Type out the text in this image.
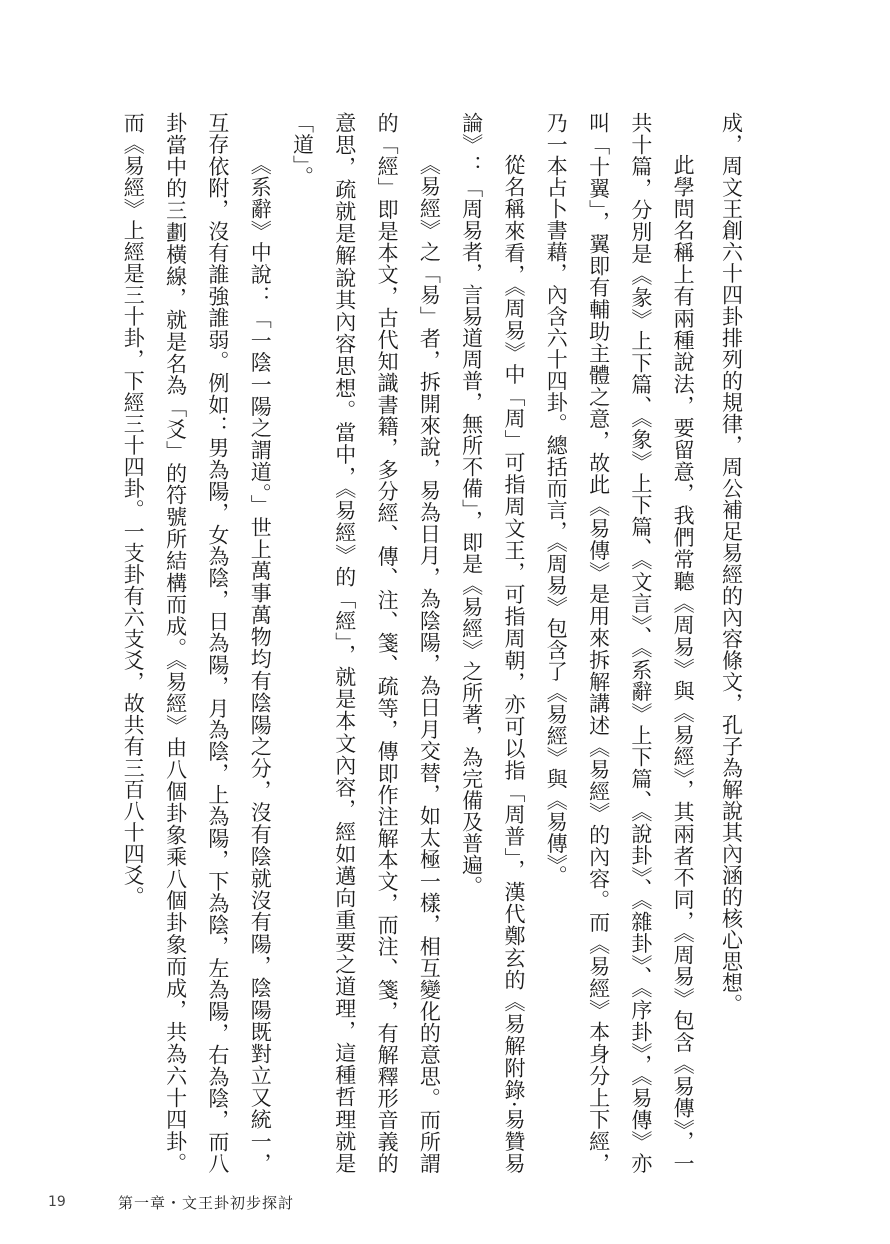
成，周文王創六十四卦排列的規律，周公補足易經的內容條文，孔子為解說其內涵的核心思想。

此學問名稱上有兩種說法，要留意，我們常聽《周易》與《易經》，其兩者不同，《周易》包含《易傳》，一共十篇，分別是《彖》上下篇、《象》上下篇、《文言》、《系辭》上下篇、《說卦》、《雜卦》、《序卦》，《易傳》亦叫「十翼」，翼即有輔助主體之意，故此《易傳》是用來拆解講述《易經》的內容。而《易經》本身分上下經，乃一本占卜書藉，內含六十四卦。總括而言，《周易》包含了《易經》與《易傳》。

從名稱來看，《周易》中「周」可指周文王，可指周朝，亦可以指「周普」，漢代鄭玄的《易解附錄·易贊易論》：「周易者，言易道周普，無所不備」，即是《易經》之所著，為完備及普遍。

《易經》之「易」者，拆開來說，易為日月，為陰陽，為日月交替，如太極一樣，相互變化的意思。而所謂的「經」即是本文，古代知識書籍，多分經、傳、注、箋、疏等，傳即作注解本文，而注、箋，有解釋形音義的意思，疏就是解說其內容思想。當中，《易經》的「經」，就是本文內容，經如邁向重要之道理，這種哲理就是「道」。

《系辭》中說：「一陰一陽之謂道。」世上萬事萬物均有陰陽之分，沒有陰就沒有陽，陰陽既對立又統一，互存依附，沒有誰強誰弱。例如：男為陽，女為陰，日為陽，月為陰，上為陽，下為陰，左為陽，右為陰，而八卦當中的三劃橫線，就是名為「爻」的符號所結構而成。《易經》由八個卦象乘八個卦象而成，共為六十四卦。而《易經》上經是三十卦，下經三十四卦。一支卦有六支爻，故共有三百八十四爻。

19	第一章・文王卦初步探討
